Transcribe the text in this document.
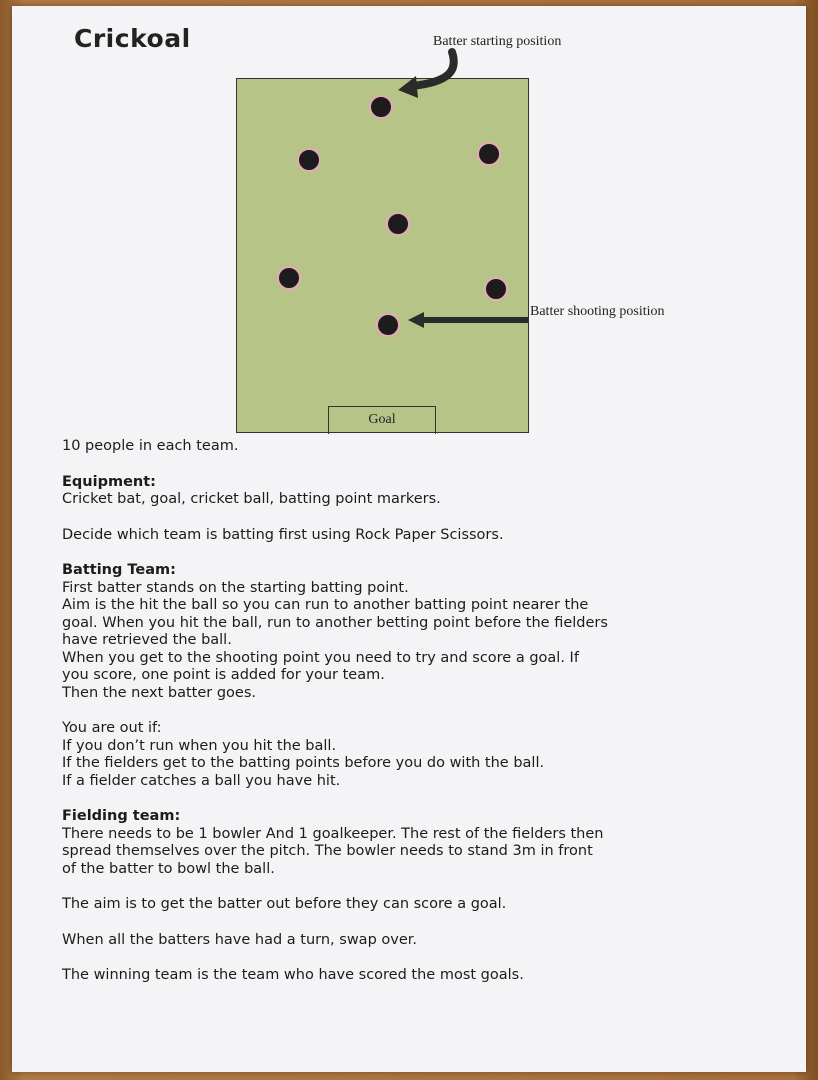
Crickoal	Batter starting position
Goal
Batter shooting position

10 people in each team.

Equipment:
Cricket bat, goal, cricket ball, batting point markers.

Decide which team is batting first using Rock Paper Scissors.

Batting Team:
First batter stands on the starting batting point.
Aim is the hit the ball so you can run to another batting point nearer the
goal. When you hit the ball, run to another betting point before the fielders
have retrieved the ball.
When you get to the shooting point you need to try and score a goal. If
you score, one point is added for your team.
Then the next batter goes.

You are out if:
If you don’t run when you hit the ball.
If the fielders get to the batting points before you do with the ball.
If a fielder catches a ball you have hit.

Fielding team:
There needs to be 1 bowler And 1 goalkeeper. The rest of the fielders then
spread themselves over the pitch. The bowler needs to stand 3m in front
of the batter to bowl the ball.

The aim is to get the batter out before they can score a goal.

When all the batters have had a turn, swap over.

The winning team is the team who have scored the most goals.
